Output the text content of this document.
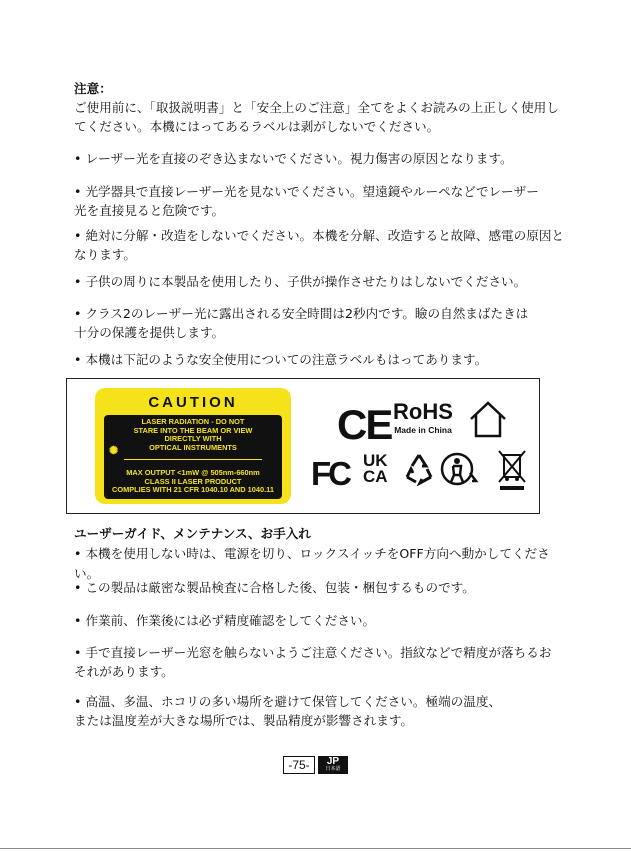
注意：

ご使用前に、「取扱説明書」と「安全上のご注意」全てをよくお読みの上正しく使用し

てください。本機にはってあるラベルは剥がしないでください。

• レーザー光を直接のぞき込まないでください。視力傷害の原因となります。

• 光学器具で直接レーザー光を見ないでください。望遠鏡やルーペなどでレーザー

光を直接見ると危険です。

• 絶対に分解・改造をしないでください。本機を分解、改造すると故障、感電の原因と

なります。

• 子供の周りに本製品を使用したり、子供が操作させたりはしないでください。

• クラス2のレーザー光に露出される安全時間は2秒内です。瞼の自然まばたきは

十分の保護を提供します。

• 本機は下記のような安全使用についての注意ラベルもはってあります。

CAUTION
LASER RADIATION - DO NOT
STARE INTO THE BEAM OR VIEW
DIRECTLY WITH
OPTICAL INSTRUMENTS
✺
MAX OUTPUT <1mW @ 505nm-660nm
CLASS II LASER PRODUCT
COMPLIES WITH 21 CFR 1040.10 AND 1040.11
CE RoHS
Made in China
FC UK CA

ユーザーガイド、メンテナンス、お手入れ

• 本機を使用しない時は、電源を切り、ロックスイッチをOFF方向へ動かしてください。

• この製品は厳密な製品検査に合格した後、包装・梱包するものです。

• 作業前、作業後には必ず精度確認をしてください。

• 手で直接レーザー光窓を触らないようご注意ください。指紋などで精度が落ちるお

それがあります。

• 高温、多温、ホコリの多い場所を避けて保管してください。極端の温度、

または温度差が大きな場所では、製品精度が影響されます。

-75-	JP
日本語
